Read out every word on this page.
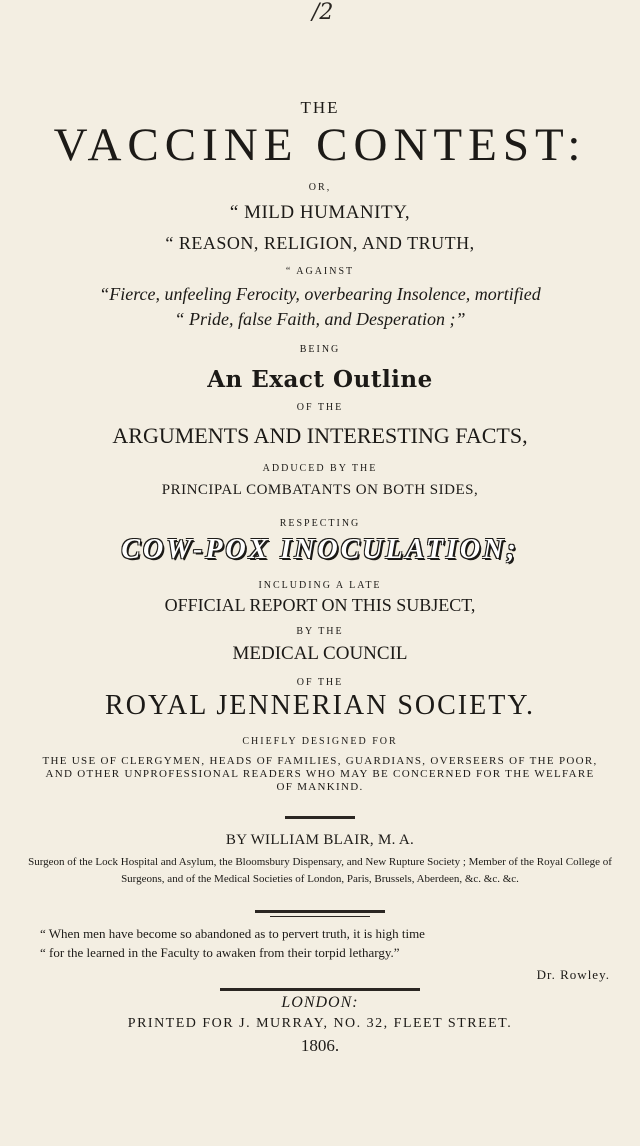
/2
THE
VACCINE CONTEST:
OR,
“ MILD HUMANITY,
“ REASON, RELIGION, AND TRUTH,
“ AGAINST
“Fierce, unfeeling Ferocity, overbearing Insolence, mortified
“ Pride, false Faith, and Desperation ;”
BEING
An Exact Outline
OF THE
ARGUMENTS AND INTERESTING FACTS,
ADDUCED BY THE
PRINCIPAL COMBATANTS ON BOTH SIDES,
RESPECTING
COW-POX INOCULATION;
INCLUDING A LATE
OFFICIAL REPORT ON THIS SUBJECT,
BY THE
MEDICAL COUNCIL
OF THE
ROYAL JENNERIAN SOCIETY.
CHIEFLY DESIGNED FOR
THE USE OF CLERGYMEN, HEADS OF FAMILIES, GUARDIANS, OVERSEERS OF THE POOR, AND OTHER UNPROFESSIONAL READERS WHO MAY BE CONCERNED FOR THE WELFARE OF MANKIND.
BY WILLIAM BLAIR, M. A.
Surgeon of the Lock Hospital and Asylum, the Bloomsbury Dispensary, and New Rupture Society ; Member of the Royal College of Surgeons, and of the Medical Societies of London, Paris, Brussels, Aberdeen, &c. &c. &c.
“ When men have become so abandoned as to pervert truth, it is high time
“ for the learned in the Faculty to awaken from their torpid lethargy.”
Dr. Rowley.
LONDON:
PRINTED FOR J. MURRAY, NO. 32, FLEET STREET.
1806.
